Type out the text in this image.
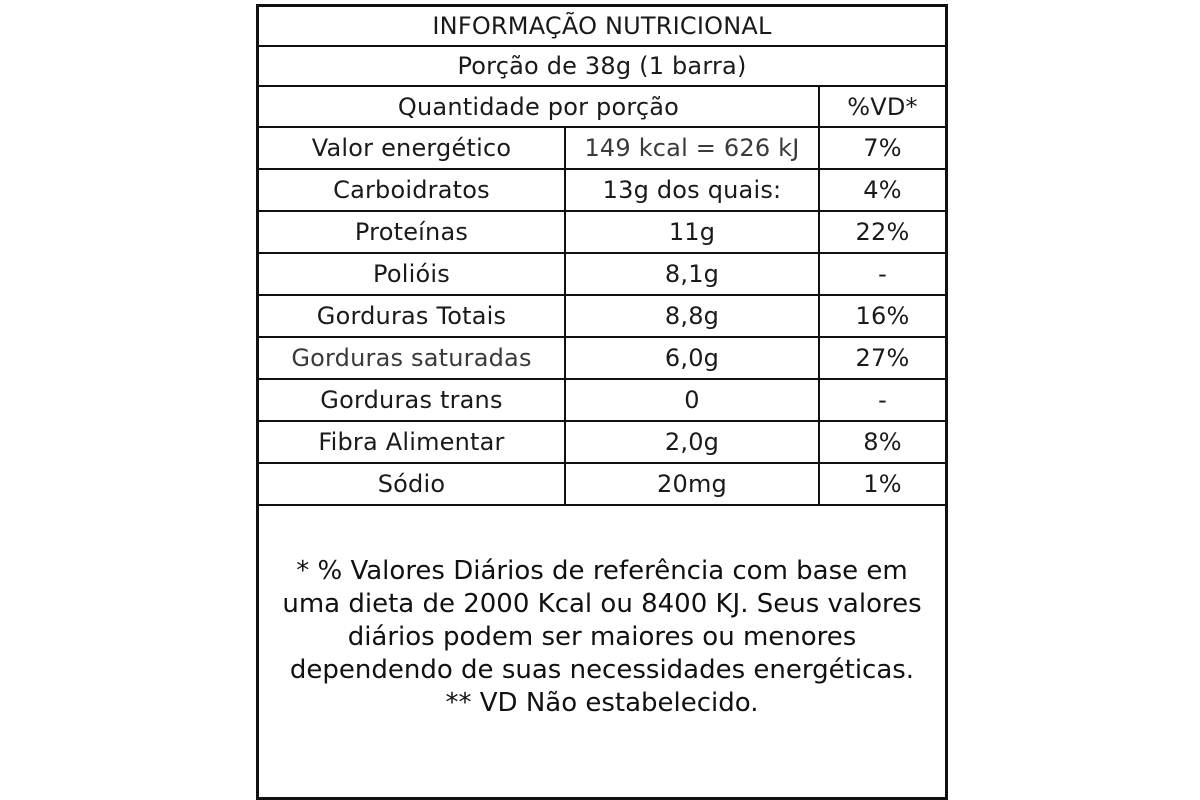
INFORMAÇÃO NUTRICIONAL		
Porção de 38g (1 barra)		
Quantidade por porção		%VD*
Valor energético	149 kcal = 626 kJ	7%
Carboidratos	13g dos quais:	4%
Proteínas	11g	22%
Polióis	8,1g	-
Gorduras Totais	8,8g	16%
Gorduras saturadas	6,0g	27%
Gorduras trans	0	-
Fibra Alimentar	2,0g	8%
Sódio	20mg	1%
* % Valores Diários de referência com base em
uma dieta de 2000 Kcal ou 8400 KJ. Seus valores
diários podem ser maiores ou menores
dependendo de suas necessidades energéticas.
** VD Não estabelecido.
